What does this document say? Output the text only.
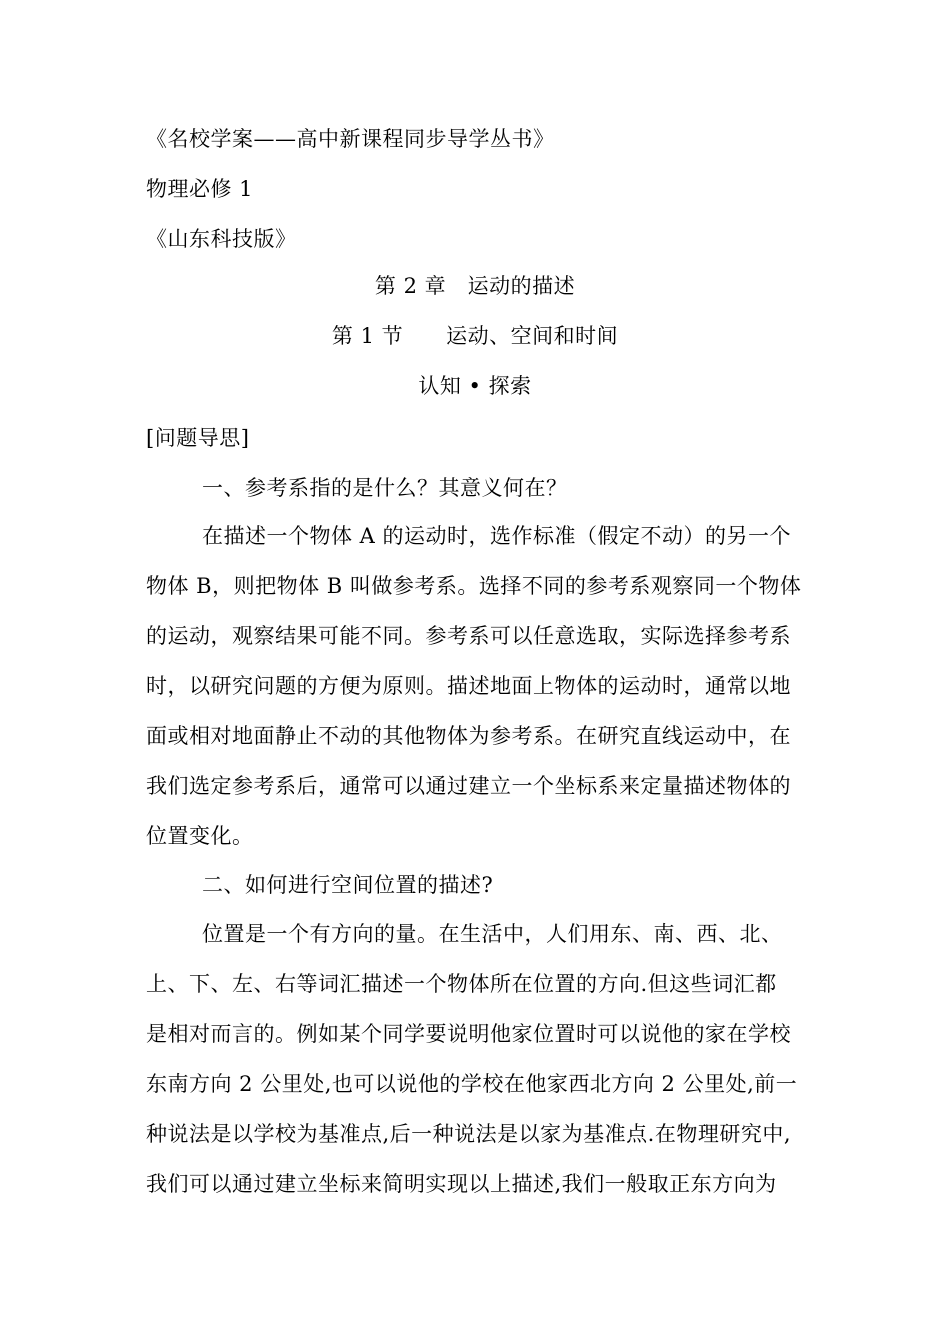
《名校学案——高中新课程同步导学丛书》
物理必修 1
《山东科技版》
第 2 章　运动的描述
第 1 节　　运动、空间和时间
认知 • 探索
[问题导思]
一、参考系指的是什么？其意义何在？
在描述一个物体 A 的运动时，选作标准（假定不动）的另一个
物体 B，则把物体 B 叫做参考系。选择不同的参考系观察同一个物体
的运动，观察结果可能不同。参考系可以任意选取，实际选择参考系
时，以研究问题的方便为原则。描述地面上物体的运动时，通常以地
面或相对地面静止不动的其他物体为参考系。在研究直线运动中，在
我们选定参考系后，通常可以通过建立一个坐标系来定量描述物体的
位置变化。
二、如何进行空间位置的描述?
位置是一个有方向的量。在生活中，人们用东、南、西、北、
上、下、左、右等词汇描述一个物体所在位置的方向.但这些词汇都
是相对而言的。例如某个同学要说明他家位置时可以说他的家在学校
东南方向 2 公里处,也可以说他的学校在他家西北方向 2 公里处,前一
种说法是以学校为基准点,后一种说法是以家为基准点.在物理研究中,
我们可以通过建立坐标来简明实现以上描述,我们一般取正东方向为
